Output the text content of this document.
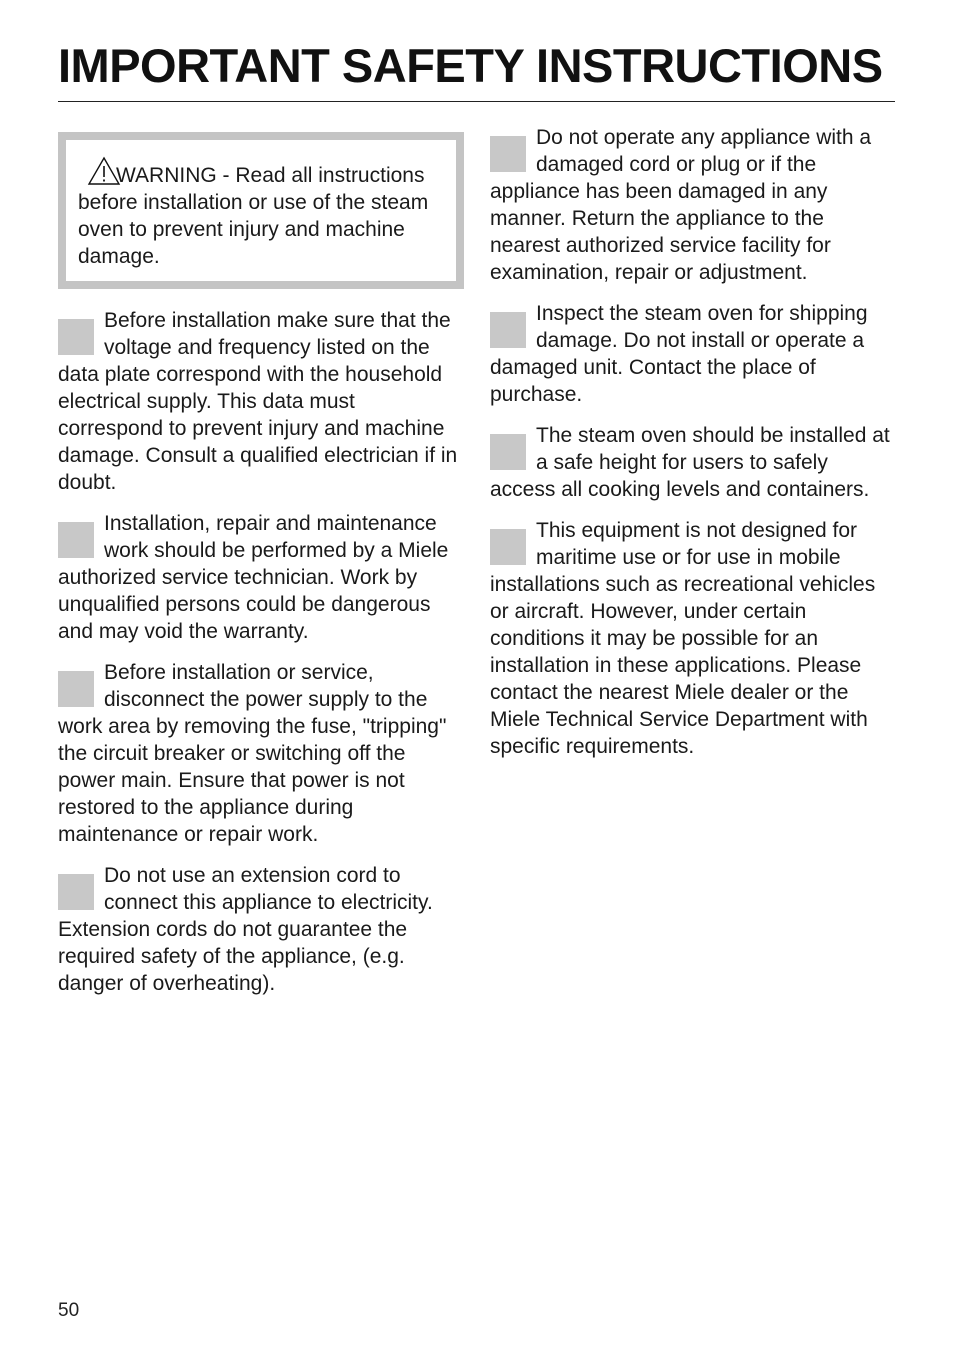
IMPORTANT SAFETY INSTRUCTIONS
WARNING - Read all instructions before installation or use of the steam oven to prevent injury and machine damage.

Before installation make sure that the voltage and frequency listed on the data plate correspond with the household electrical supply. This data must correspond to prevent injury and machine damage. Consult a qualified electrician if in doubt.

Installation, repair and maintenance work should be performed by a Miele authorized service technician. Work by unqualified persons could be dangerous and may void the warranty.

Before installation or service, disconnect the power supply to the work area by removing the fuse, "tripping" the circuit breaker or switching off the power main. Ensure that power is not restored to the appliance during maintenance or repair work.

Do not use an extension cord to connect this appliance to electricity. Extension cords do not guarantee the required safety of the appliance, (e.g. danger of overheating).

Do not operate any appliance with a damaged cord or plug or if the appliance has been damaged in any manner. Return the appliance to the nearest authorized service facility for examination, repair or adjustment.

Inspect the steam oven for shipping damage. Do not install or operate a damaged unit. Contact the place of purchase.

The steam oven should be installed at a safe height for users to safely access all cooking levels and containers.

This equipment is not designed for maritime use or for use in mobile installations such as recreational vehicles or aircraft. However, under certain conditions it may be possible for an installation in these applications. Please contact the nearest Miele dealer or the Miele Technical Service Department with specific requirements.

50
